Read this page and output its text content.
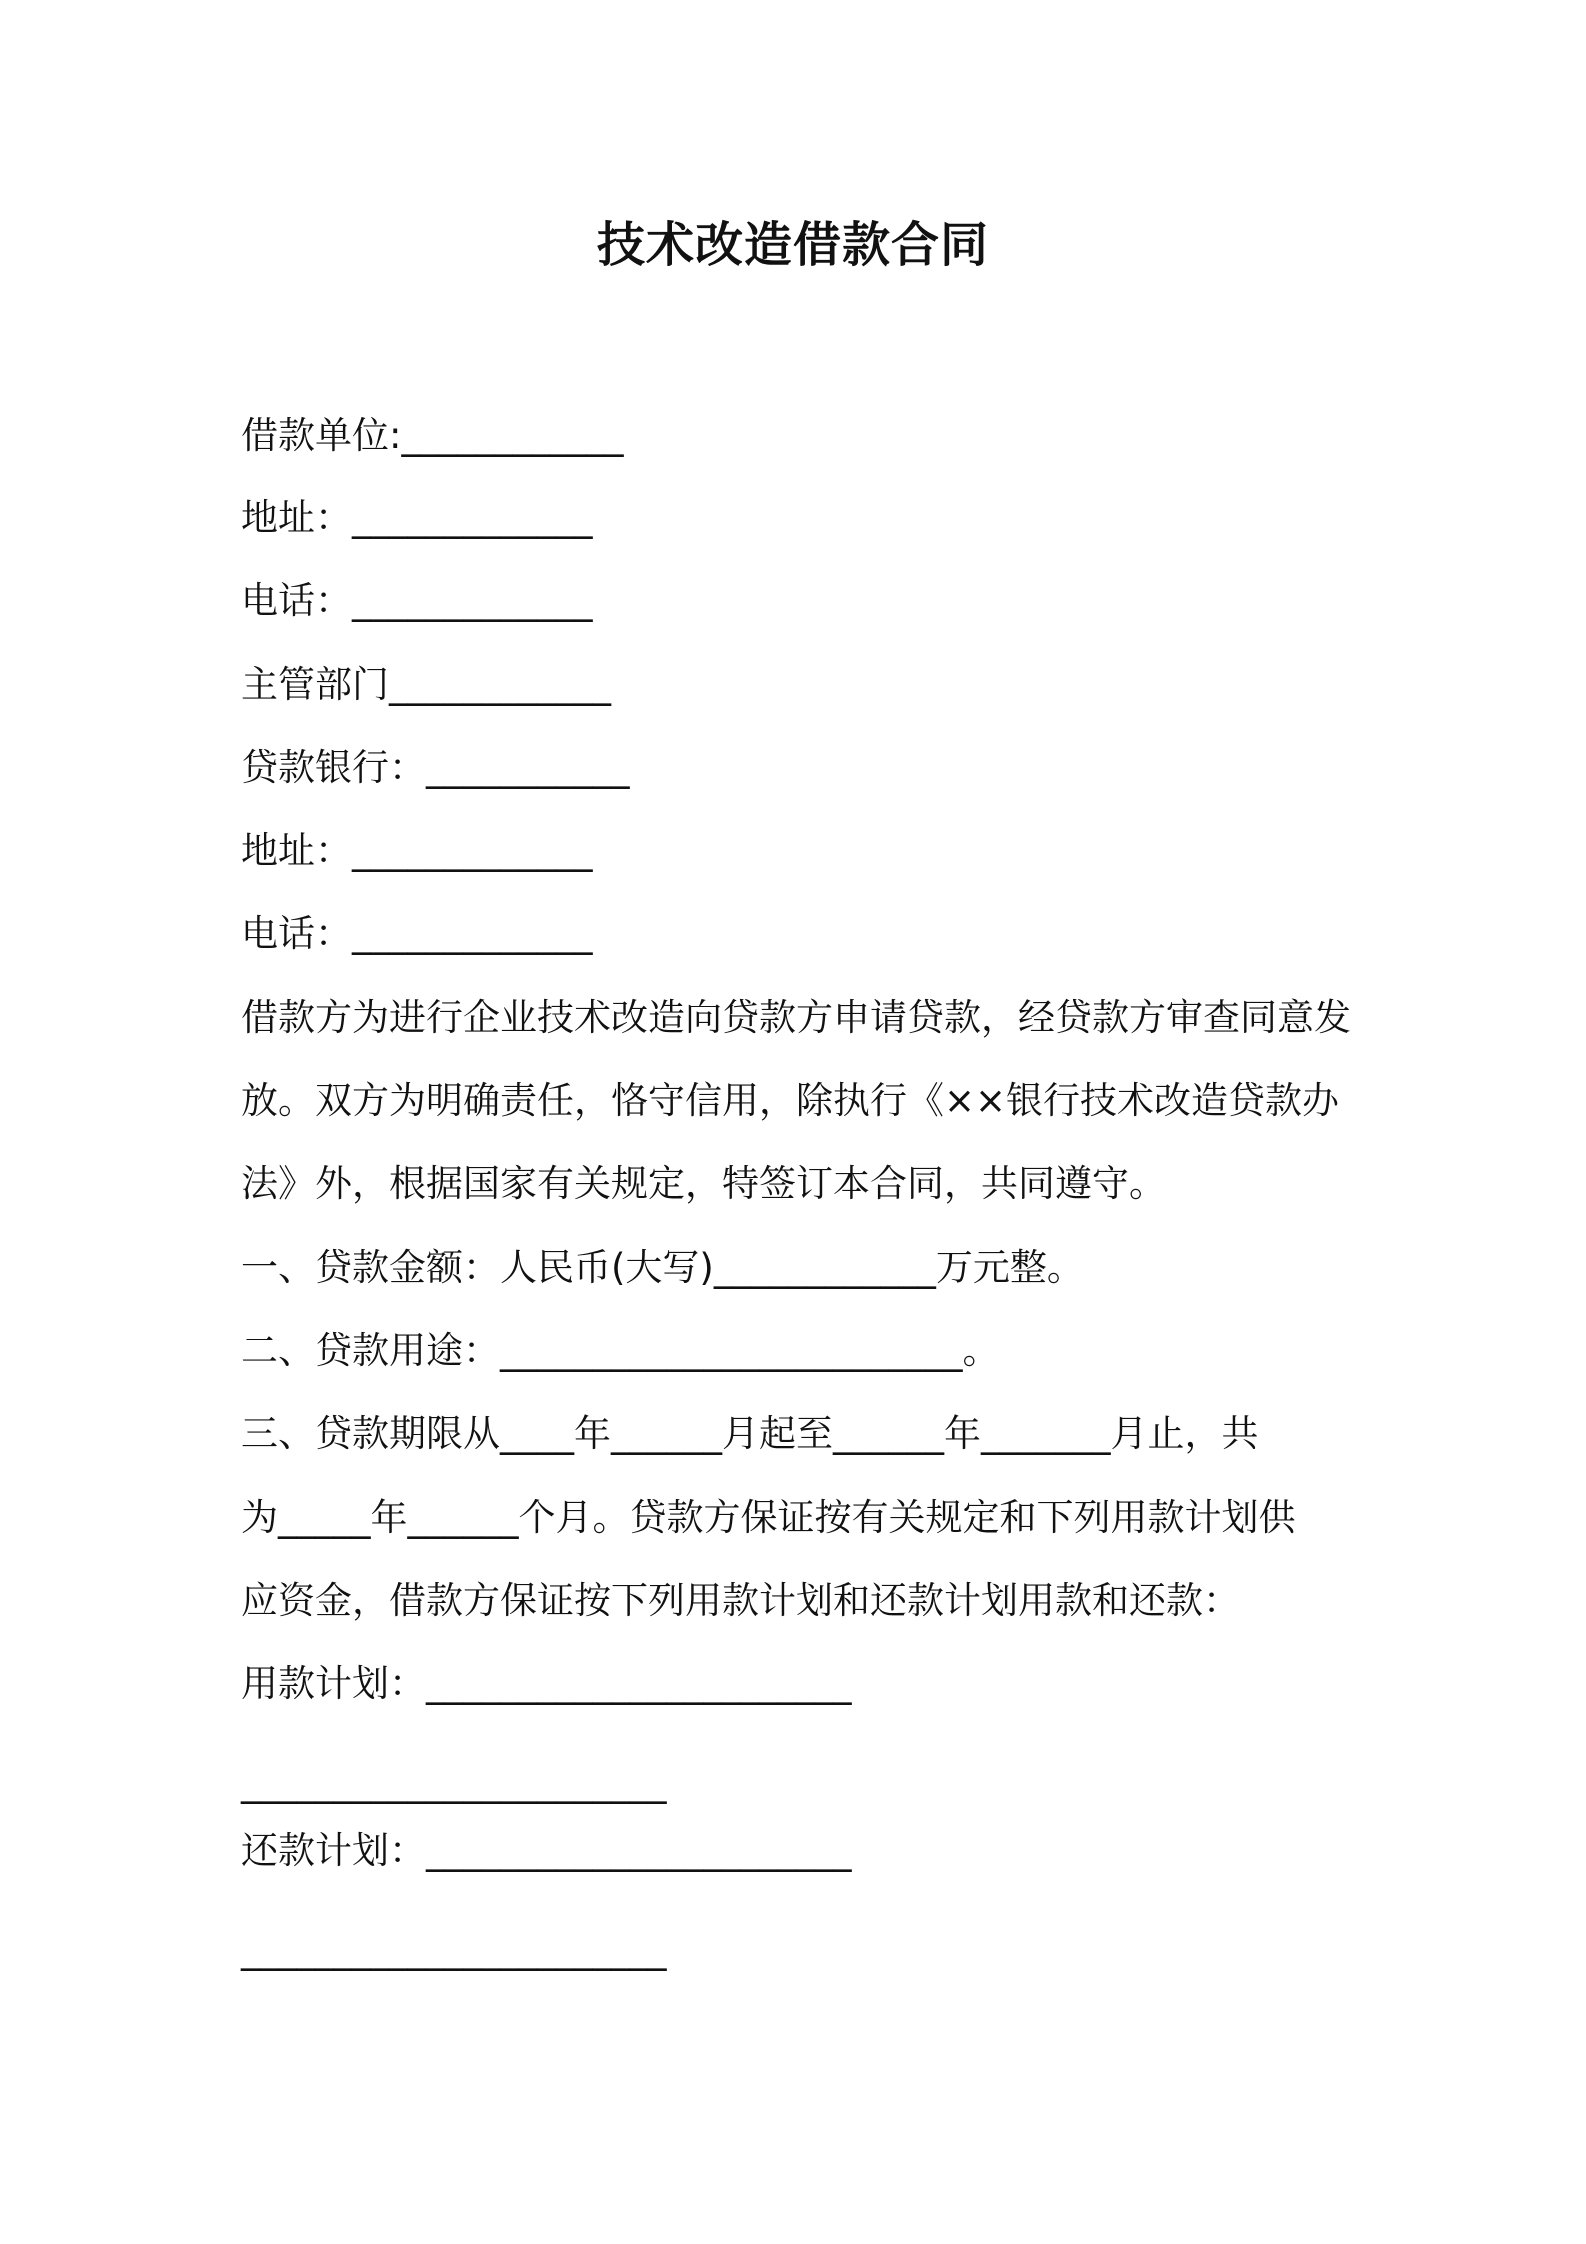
技术改造借款合同

借款单位:____________

地址：_____________

电话：_____________

主管部门____________

贷款银行：___________

地址：_____________

电话：_____________

借款方为进行企业技术改造向贷款方申请贷款，经贷款方审查同意发

放。双方为明确责任，恪守信用，除执行《××银行技术改造贷款办

法》外，根据国家有关规定，特签订本合同，共同遵守。

一、贷款金额：人民币(大写)____________万元整。

二、贷款用途：_________________________。

三、贷款期限从____年______月起至______年_______月止，共

为_____年______个月。贷款方保证按有关规定和下列用款计划供

应资金，借款方保证按下列用款计划和还款计划用款和还款：

用款计划：_______________________

_______________________

还款计划：_______________________

_______________________
